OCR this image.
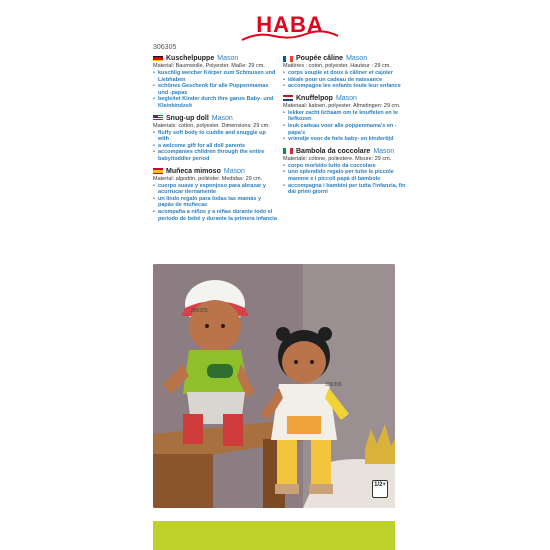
HABA
306305
Kuschelpuppe Mason
Material: Baumwolle, Polyester. Maße: 29 cm.
• kuschlig weicher Körper zum Schmusen und Liebhaben
• schönes Geschenk für alle Puppenmamas und -papas
• begleitet Kinder durch ihre ganze Baby- und Kleinkindzeit
Snug-up doll Mason
Materials: cotton, polyester. Dimensions: 29 cm.
• fluffy soft body to cuddle and snuggle up with
• a welcome gift for all doll parents
• accompanies children through the entire baby/toddler period
Muñeca mimoso Mason
Material: algodón, poliéster. Medidas: 29 cm.
• cuerpo suave y esponjoso para abrazar y acurrucar tiernamente
• un lindo regalo para todas las mamás y papás de muñecas
• acompaña a niños y a niñas durante todo el período de bebé y durante la primera infancia
Poupée câline Mason
Matières : coton, polyester. Hauteur : 29 cm.
• corps souple et doux à câliner et cajoler
• idéale pour un cadeau de naissance
• accompagne les enfants toute leur enfance
Knuffelpop Mason
Materiaal: katoen, polyester. Afmetingen: 29 cm.
• lekker zacht lichaam om te knuffelen en te liefkozen
• leuk cadeau voor alle poppenmama's en -papa's
• vriendje voor de hele baby- en kindertijd
Bambola da coccolare Mason
Materiale: cotone, poliestere. Misure: 29 cm.
• corpo morbido tutto da coccolare
• uno splendido regalo per tutte le piccole mamme e i piccoli papà di bambole
• accompagna i bambini per tutta l'infanzia, fin dai primi giorni
306305
306306
1/2+
